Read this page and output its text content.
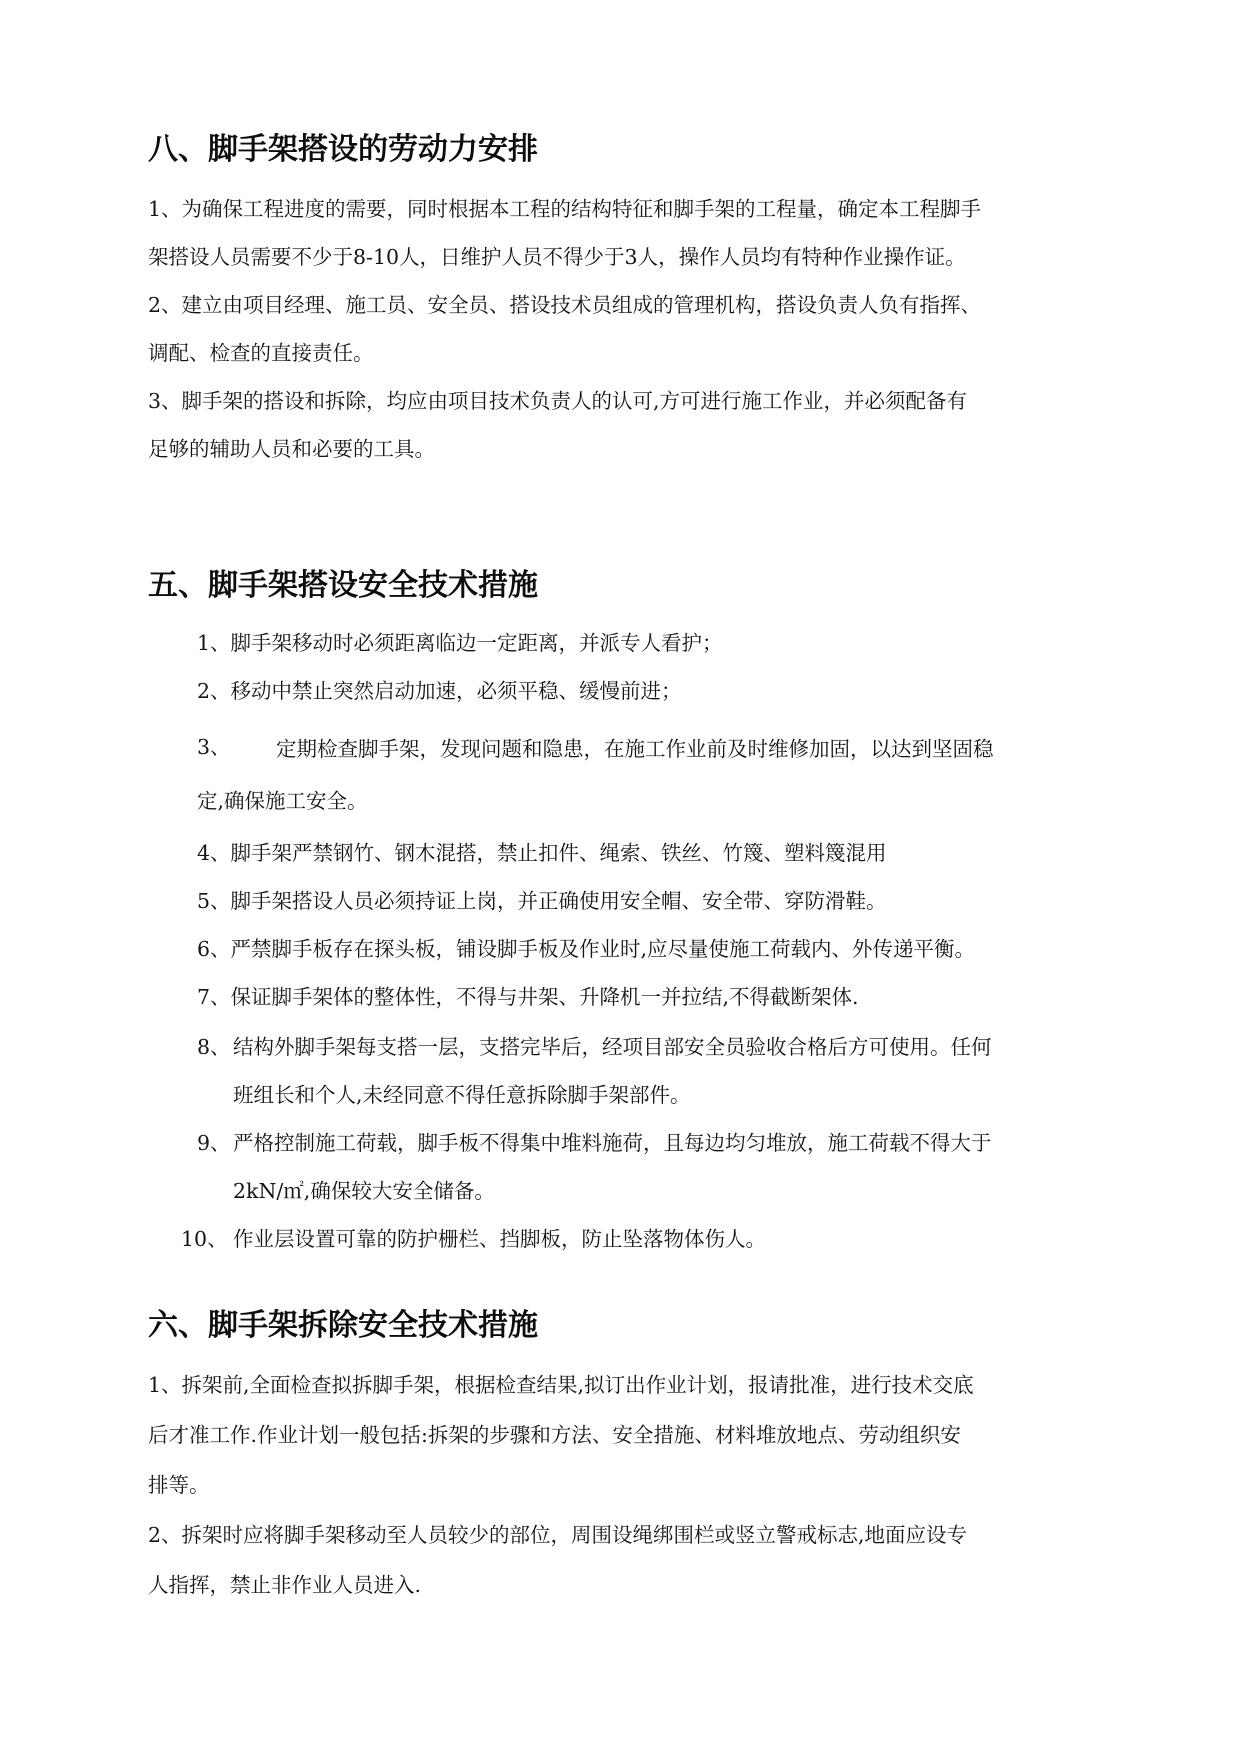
八、脚手架搭设的劳动力安排
1、为确保工程进度的需要，同时根据本工程的结构特征和脚手架的工程量，确定本工程脚手
架搭设人员需要不少于8-10人，日维护人员不得少于3人，操作人员均有特种作业操作证。
2、建立由项目经理、施工员、安全员、搭设技术员组成的管理机构，搭设负责人负有指挥、
调配、检查的直接责任。
3、脚手架的搭设和拆除，均应由项目技术负责人的认可,方可进行施工作业，并必须配备有
足够的辅助人员和必要的工具。
五、脚手架搭设安全技术措施
1、脚手架移动时必须距离临边一定距离，并派专人看护；
2、移动中禁止突然启动加速，必须平稳、缓慢前进；
3、 定期检查脚手架，发现问题和隐患，在施工作业前及时维修加固，以达到坚固稳
定,确保施工安全。
4、脚手架严禁钢竹、钢木混搭，禁止扣件、绳索、铁丝、竹篾、塑料篾混用
5、脚手架搭设人员必须持证上岗，并正确使用安全帽、安全带、穿防滑鞋。
6、严禁脚手板存在探头板，铺设脚手板及作业时,应尽量使施工荷载内、外传递平衡。
7、保证脚手架体的整体性，不得与井架、升降机一并拉结,不得截断架体.
8、 结构外脚手架每支搭一层，支搭完毕后，经项目部安全员验收合格后方可使用。任何
班组长和个人,未经同意不得任意拆除脚手架部件。
9、 严格控制施工荷载，脚手板不得集中堆料施荷，且每边均匀堆放，施工荷载不得大于
2kN/㎡,确保较大安全储备。
10、 作业层设置可靠的防护栅栏、挡脚板，防止坠落物体伤人。
六、脚手架拆除安全技术措施
1、拆架前,全面检查拟拆脚手架，根据检查结果,拟订出作业计划，报请批准，进行技术交底
后才准工作.作业计划一般包括:拆架的步骤和方法、安全措施、材料堆放地点、劳动组织安
排等。
2、拆架时应将脚手架移动至人员较少的部位，周围设绳绑围栏或竖立警戒标志,地面应设专
人指挥，禁止非作业人员进入.
